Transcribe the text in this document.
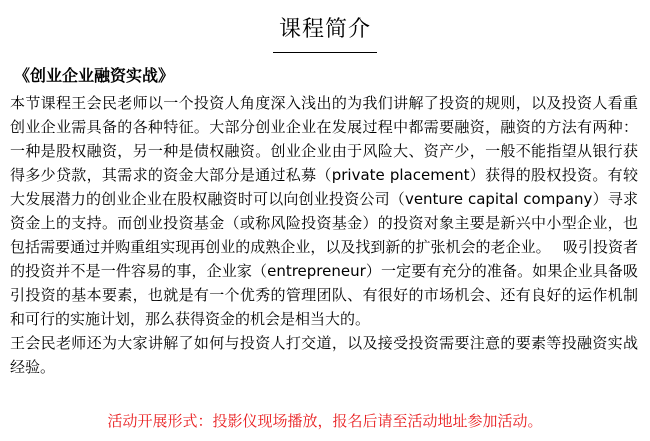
课程简介
《创业企业融资实战》

本节课程王会民老师以一个投资人角度深入浅出的为我们讲解了投资的规则，以及投资人看重创业企业需具备的各种特征。大部分创业企业在发展过程中都需要融资，融资的方法有两种：一种是股权融资，另一种是债权融资。创业企业由于风险大、资产少，一般不能指望从银行获得多少贷款，其需求的资金大部分是通过私募（private placement）获得的股权投资。有较大发展潜力的创业企业在股权融资时可以向创业投资公司（venture capital company）寻求资金上的支持。而创业投资基金（或称风险投资基金）的投资对象主要是新兴中小型企业，也包括需要通过并购重组实现再创业的成熟企业，以及找到新的扩张机会的老企业。　 吸引投资者的投资并不是一件容易的事，企业家（entrepreneur）一定要有充分的准备。如果企业具备吸引投资的基本要素，也就是有一个优秀的管理团队、有很好的市场机会、还有良好的运作机制和可行的实施计划，那么获得资金的机会是相当大的。

王会民老师还为大家讲解了如何与投资人打交道，以及接受投资需要注意的要素等投融资实战经验。

活动开展形式：投影仪现场播放，报名后请至活动地址参加活动。
